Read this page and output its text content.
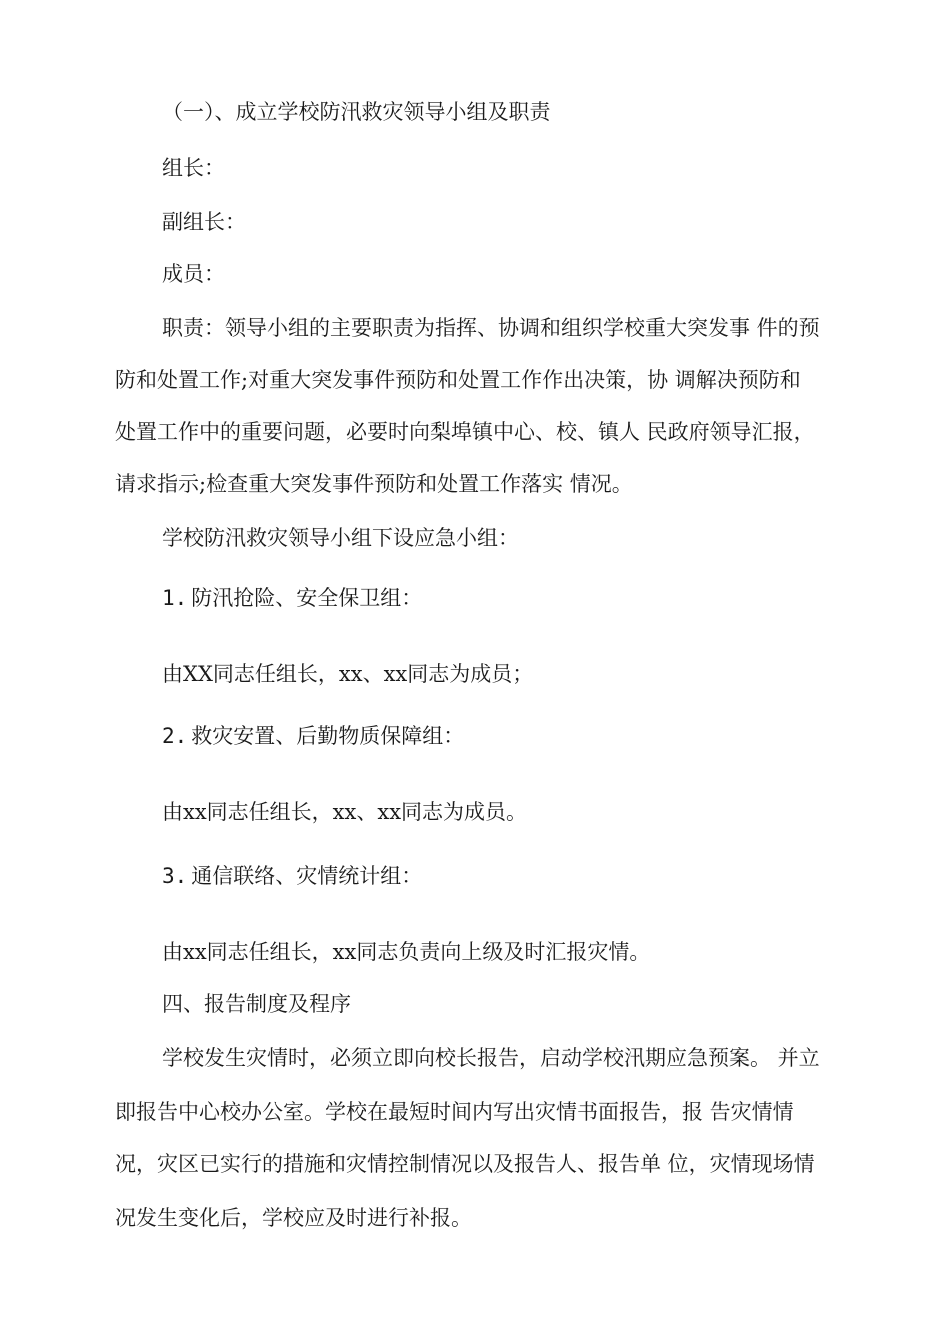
（一）、成立学校防汛救灾领导小组及职责
组长：
副组长：
成员：
职责：领导小组的主要职责为指挥、协调和组织学校重大突发事 件的预
防和处置工作;对重大突发事件预防和处置工作作出决策，协 调解决预防和
处置工作中的重要问题，必要时向梨埠镇中心、校、镇人 民政府领导汇报，
请求指示;检查重大突发事件预防和处置工作落实 情况。
学校防汛救灾领导小组下设应急小组：
1. 防汛抢险、安全保卫组：
由XX同志任组长，xx、xx同志为成员；
2. 救灾安置、后勤物质保障组：
由xx同志任组长，xx、xx同志为成员。
3. 通信联络、灾情统计组：
由xx同志任组长，xx同志负责向上级及时汇报灾情。
四、报告制度及程序
学校发生灾情时，必须立即向校长报告，启动学校汛期应急预案。 并立
即报告中心校办公室。学校在最短时间内写出灾情书面报告，报 告灾情情
况，灾区已实行的措施和灾情控制情况以及报告人、报告单 位，灾情现场情
况发生变化后，学校应及时进行补报。
